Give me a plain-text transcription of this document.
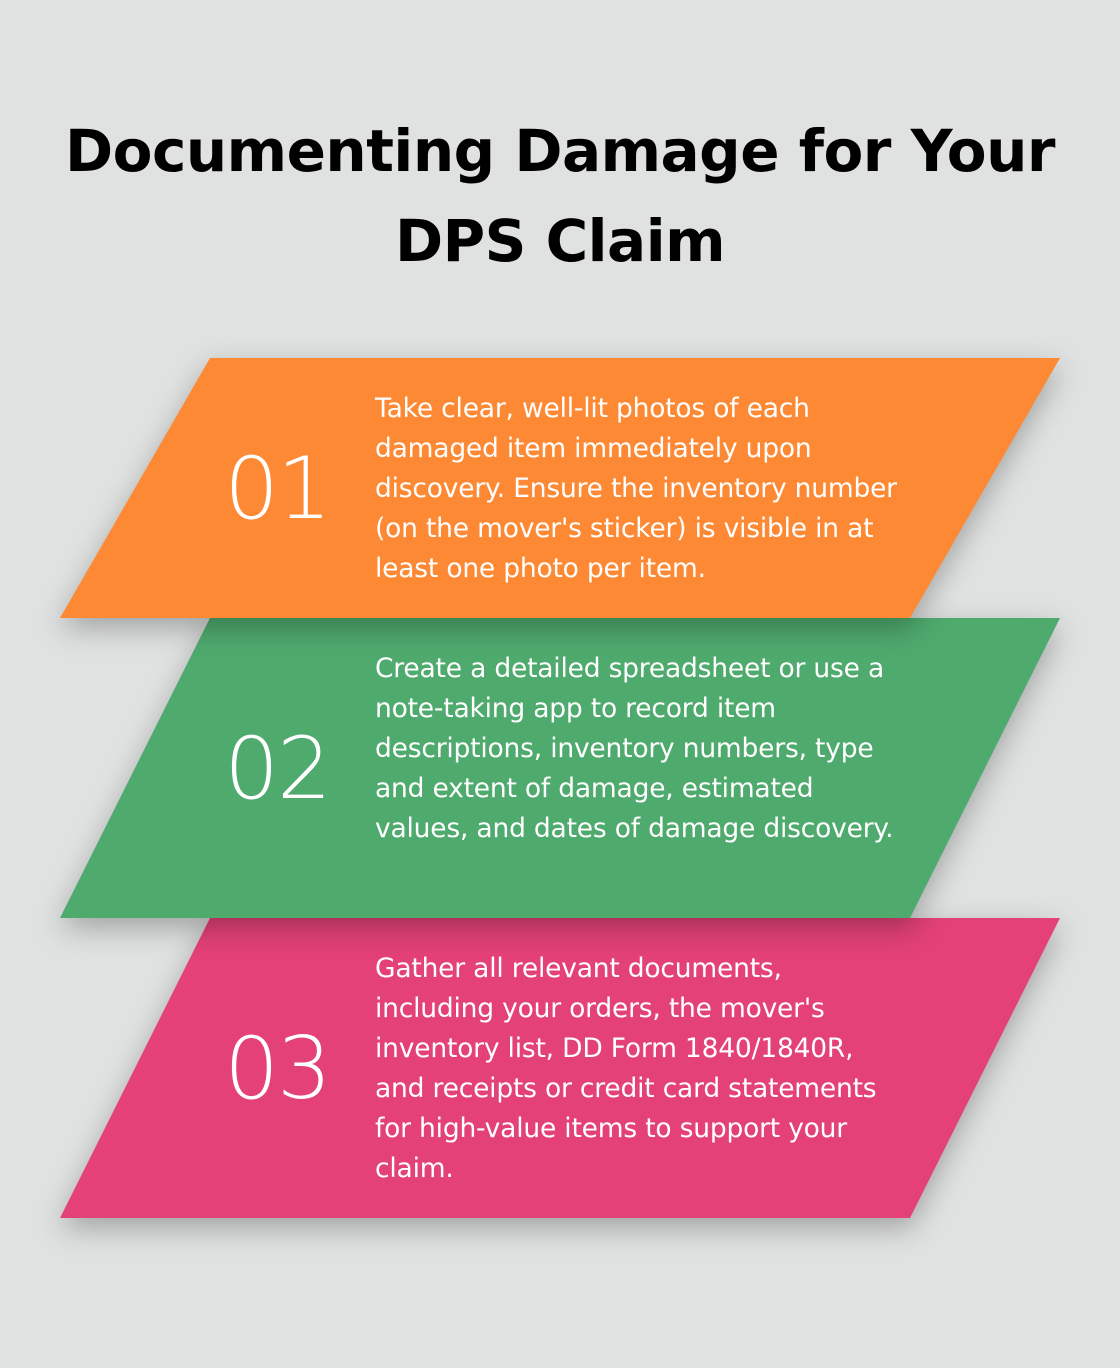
Documenting Damage for Your DPS Claim
03
Gather all relevant documents, including your orders, the mover's inventory list, DD Form 1840/1840R, and receipts or credit card statements for high-value items to support your claim.
02
Create a detailed spreadsheet or use a note-taking app to record item descriptions, inventory numbers, type and extent of damage, estimated values, and dates of damage discovery.
01
Take clear, well-lit photos of each damaged item immediately upon discovery. Ensure the inventory number (on the mover's sticker) is visible in at least one photo per item.
